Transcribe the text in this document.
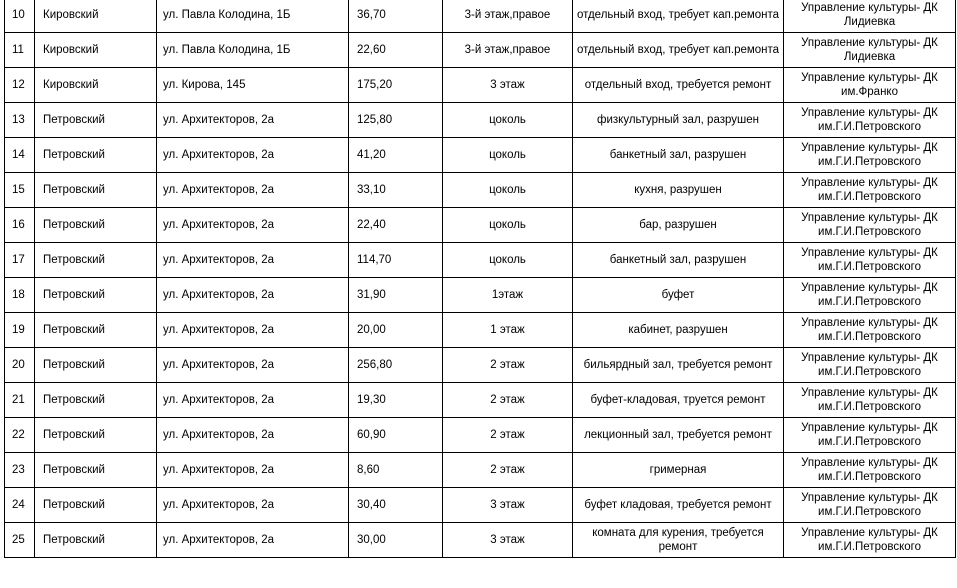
10	Кировский	ул. Павла Колодина, 1Б	36,70	3-й этаж,правое	отдельный вход, требует кап.ремонта	Управление культуры- ДК Лидиевка
11	Кировский	ул. Павла Колодина, 1Б	22,60	3-й этаж,правое	отдельный вход, требует кап.ремонта	Управление культуры- ДК Лидиевка
12	Кировский	ул. Кирова, 145	175,20	3 этаж	отдельный вход, требуется ремонт	Управление культуры- ДК им.Франко
13	Петровский	ул. Архитекторов, 2а	125,80	цоколь	физкультурный зал, разрушен	Управление культуры- ДК им.Г.И.Петровского
14	Петровский	ул. Архитекторов, 2а	41,20	цоколь	банкетный зал, разрушен	Управление культуры- ДК им.Г.И.Петровского
15	Петровский	ул. Архитекторов, 2а	33,10	цоколь	кухня, разрушен	Управление культуры- ДК им.Г.И.Петровского
16	Петровский	ул. Архитекторов, 2а	22,40	цоколь	бар, разрушен	Управление культуры- ДК им.Г.И.Петровского
17	Петровский	ул. Архитекторов, 2а	114,70	цоколь	банкетный зал, разрушен	Управление культуры- ДК им.Г.И.Петровского
18	Петровский	ул. Архитекторов, 2а	31,90	1этаж	буфет	Управление культуры- ДК им.Г.И.Петровского
19	Петровский	ул. Архитекторов, 2а	20,00	1 этаж	кабинет, разрушен	Управление культуры- ДК им.Г.И.Петровского
20	Петровский	ул. Архитекторов, 2а	256,80	2 этаж	бильярдный зал, требуется ремонт	Управление культуры- ДК им.Г.И.Петровского
21	Петровский	ул. Архитекторов, 2а	19,30	2 этаж	буфет-кладовая, труется ремонт	Управление культуры- ДК им.Г.И.Петровского
22	Петровский	ул. Архитекторов, 2а	60,90	2 этаж	лекционный зал, требуется ремонт	Управление культуры- ДК им.Г.И.Петровского
23	Петровский	ул. Архитекторов, 2а	8,60	2 этаж	гримерная	Управление культуры- ДК им.Г.И.Петровского
24	Петровский	ул. Архитекторов, 2а	30,40	3 этаж	буфет кладовая, требуется ремонт	Управление культуры- ДК им.Г.И.Петровского
25	Петровский	ул. Архитекторов, 2а	30,00	3 этаж	комната для курения, требуется ремонт	Управление культуры- ДК им.Г.И.Петровского
